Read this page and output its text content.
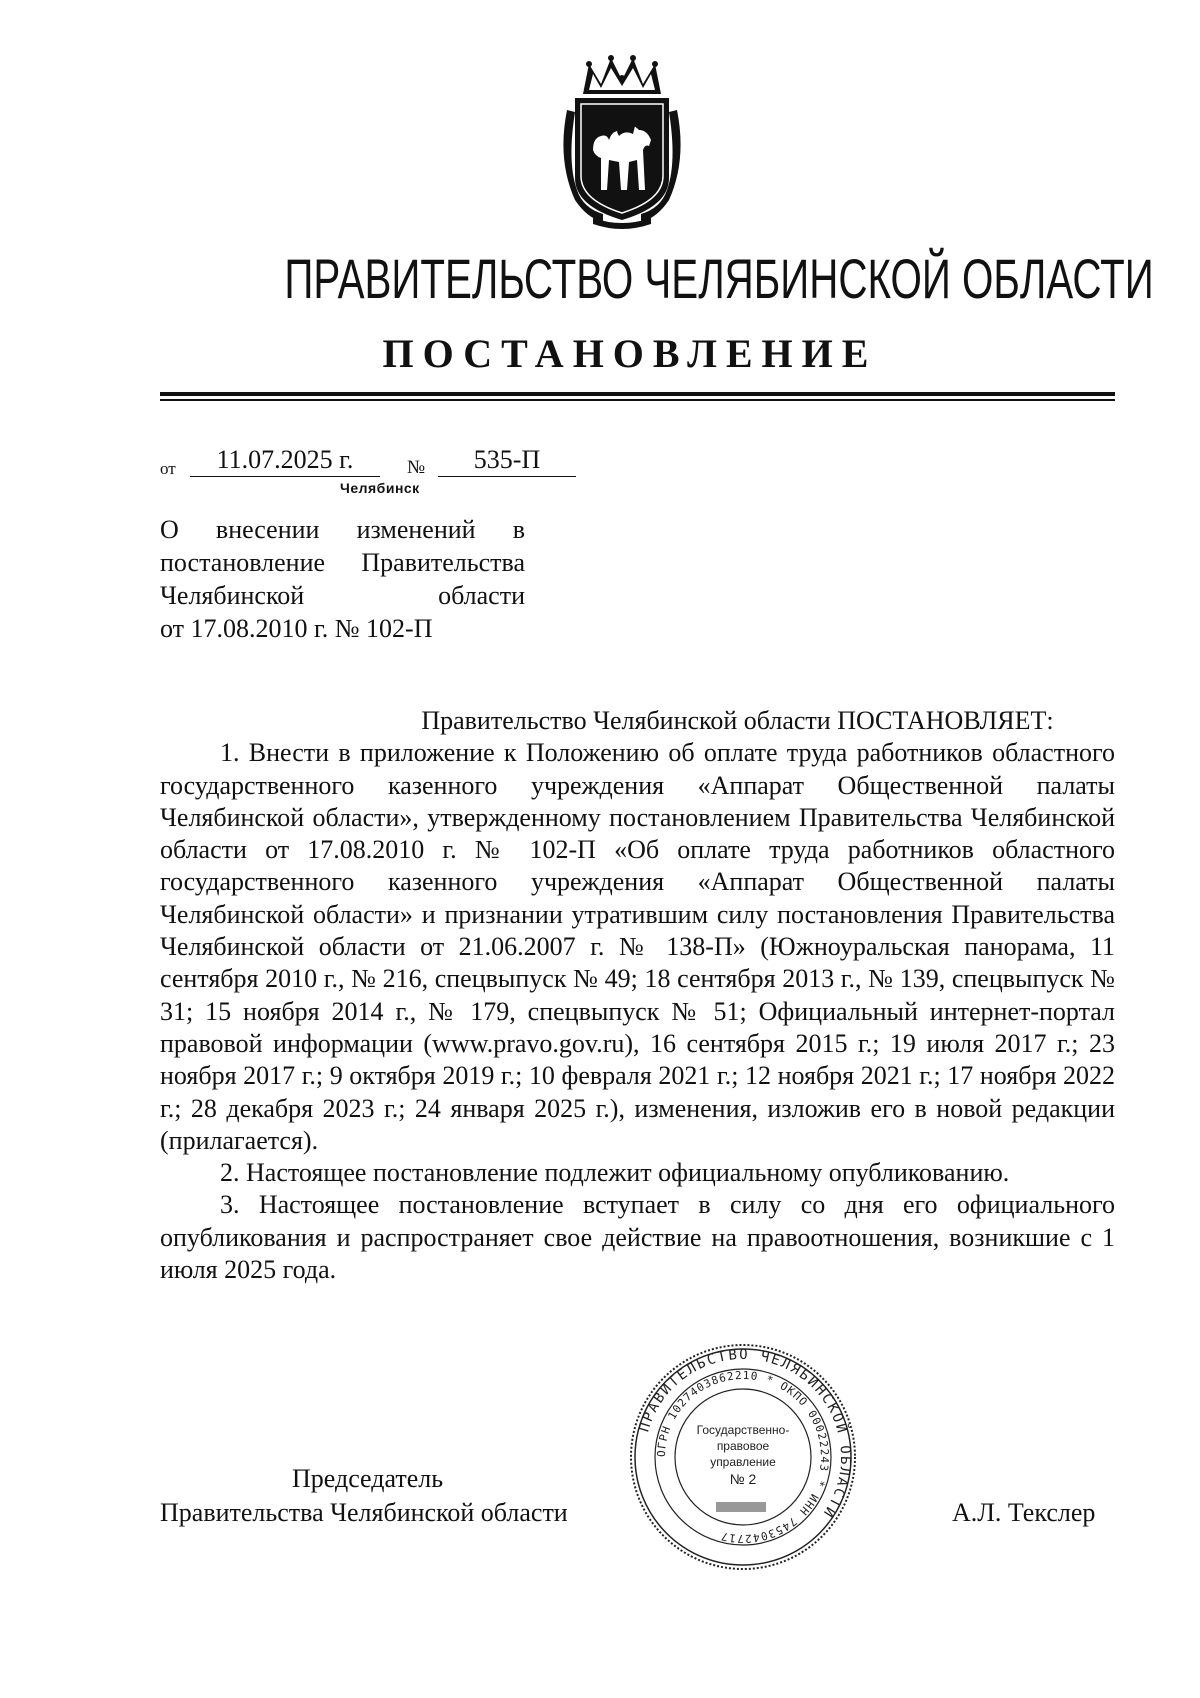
ПРАВИТЕЛЬСТВО ЧЕЛЯБИНСКОЙ ОБЛАСТИ
ПОСТАНОВЛЕНИЕ
от	11.07.2025 г.	№	535-П
Челябинск
О внесении изменений в
постановление Правительства
Челябинской области
от 17.08.2010 г. № 102-П

Правительство Челябинской области ПОСТАНОВЛЯЕТ:

1. Внести в приложение к Положению об оплате труда работников областного государственного казенного учреждения «Аппарат Общественной палаты Челябинской области», утвержденному постановлением Правительства Челябинской области от 17.08.2010 г. № 102-П «Об оплате труда работников областного государственного казенного учреждения «Аппарат Общественной палаты Челябинской области» и признании утратившим силу постановления Правительства Челябинской области от 21.06.2007 г. № 138-П» (Южноуральская панорама, 11 сентября 2010 г., № 216, спецвыпуск № 49; 18 сентября 2013 г., № 139, спецвыпуск № 31; 15 ноября 2014 г., № 179, спецвыпуск № 51; Официальный интернет-портал правовой информации (www.pravo.gov.ru), 16 сентября 2015 г.; 19 июля 2017 г.; 23 ноября 2017 г.; 9 октября 2019 г.; 10 февраля 2021 г.; 12 ноября 2021 г.; 17 ноября 2022 г.; 28 декабря 2023 г.; 24 января 2025 г.), изменения, изложив его в новой редакции (прилагается).

2. Настоящее постановление подлежит официальному опубликованию.

3. Настоящее постановление вступает в силу со дня его официального опубликования и распространяет свое действие на правоотношения, возникшие с 1 июля 2025 года.

Председатель
Правительства Челябинской области	А.Л. Текслер
ПРАВИТЕЛЬСТВО ЧЕЛЯБИНСКОЙ ОБЛАСТИ
ОГРН 1027403862210 * ОКПО 00022243 * ИНН 7453042717
Государственно-
правовое
управление
№ 2
